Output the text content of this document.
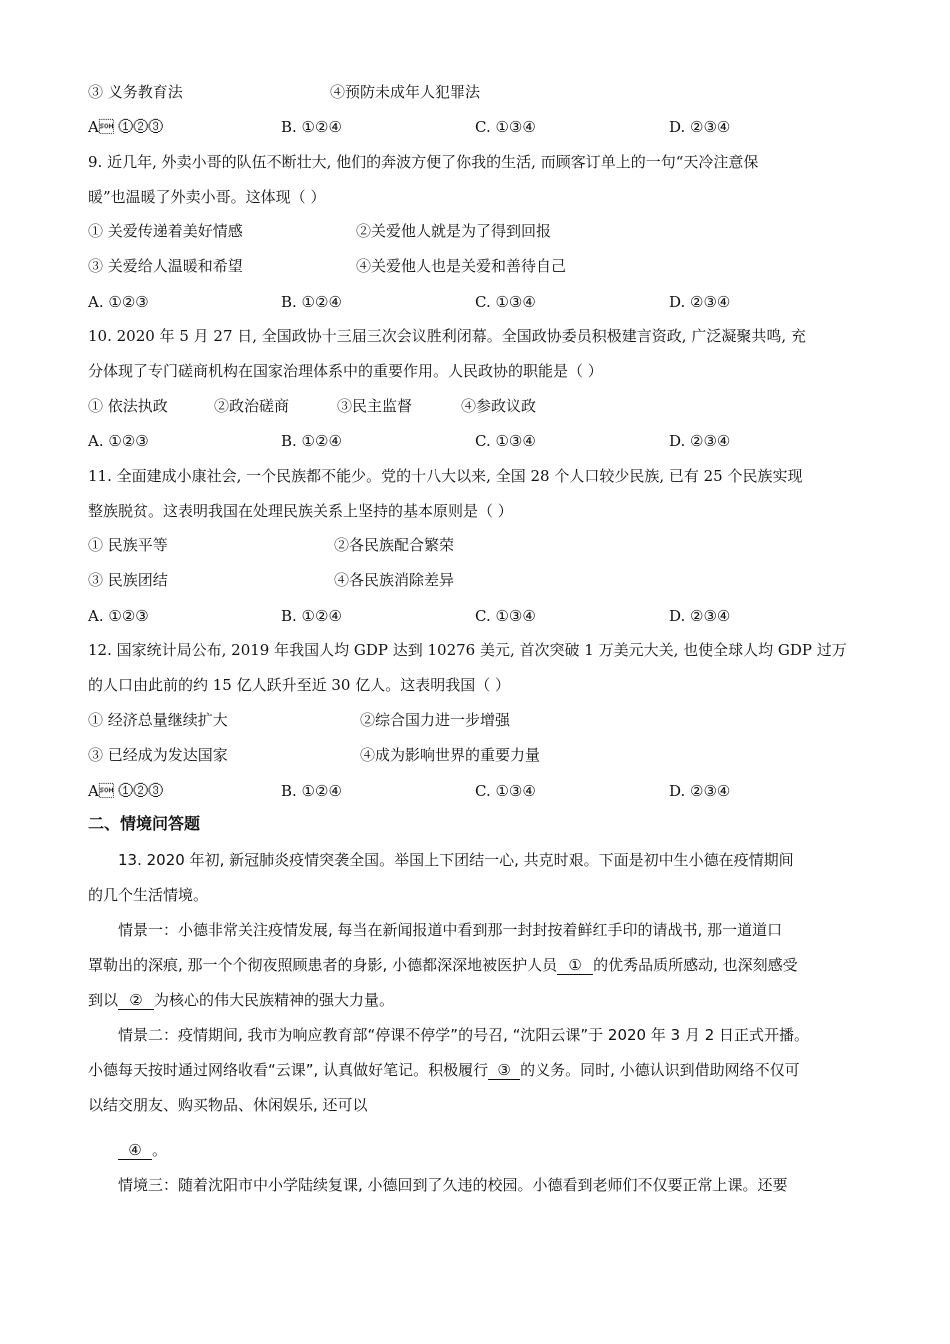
③ 义务教育法	④预防未成年人犯罪法
A ①②③	B. ①②④	C. ①③④	D. ②③④
9. 近几年, 外卖小哥的队伍不断壮大, 他们的奔波方便了你我的生活, 而顾客订单上的一句“天冷注意保
暖”也温暖了外卖小哥。这体现（ ）
① 关爱传递着美好情感	②关爱他人就是为了得到回报
③ 关爱给人温暖和希望	④关爱他人也是关爱和善待自己
A. ①②③	B. ①②④	C. ①③④	D. ②③④
10. 2020 年 5 月 27 日, 全国政协十三届三次会议胜利闭幕。全国政协委员积极建言资政, 广泛凝聚共鸣, 充
分体现了专门磋商机构在国家治理体系中的重要作用。人民政协的职能是（ ）
① 依法执政	②政治磋商	③民主监督	④参政议政
A. ①②③	B. ①②④	C. ①③④	D. ②③④
11. 全面建成小康社会, 一个民族都不能少。党的十八大以来, 全国 28 个人口较少民族, 已有 25 个民族实现
整族脱贫。这表明我国在处理民族关系上坚持的基本原则是（ ）
① 民族平等	②各民族配合繁荣
③ 民族团结	④各民族消除差异
A. ①②③	B. ①②④	C. ①③④	D. ②③④
12. 国家统计局公布, 2019 年我国人均 GDP 达到 10276 美元, 首次突破 1 万美元大关, 也使全球人均 GDP 过万
的人口由此前的约 15 亿人跃升至近 30 亿人。这表明我国（ ）
① 经济总量继续扩大	②综合国力进一步增强
③ 已经成为发达国家	④成为影响世界的重要力量
A ①②③	B. ①②④	C. ①③④	D. ②③④
二、情境问答题
13. 2020 年初, 新冠肺炎疫情突袭全国。举国上下团结一心, 共克时艰。下面是初中生小德在疫情期间
的几个生活情境。
情景一：小德非常关注疫情发展, 每当在新闻报道中看到那一封封按着鲜红手印的请战书, 那一道道口
罩勒出的深痕, 那一个个彻夜照顾患者的身影, 小德都深深地被医护人员 ① 的优秀品质所感动, 也深刻感受
到以 ② 为核心的伟大民族精神的强大力量。
情景二：疫情期间, 我市为响应教育部“停课不停学”的号召, “沈阳云课”于 2020 年 3 月 2 日正式开播。
小德每天按时通过网络收看“云课”, 认真做好笔记。积极履行 ③ 的义务。同时, 小德认识到借助网络不仅可
以结交朋友、购买物品、休闲娱乐, 还可以
④ 。
情境三：随着沈阳市中小学陆续复课, 小德回到了久违的校园。小德看到老师们不仅要正常上课。还要
